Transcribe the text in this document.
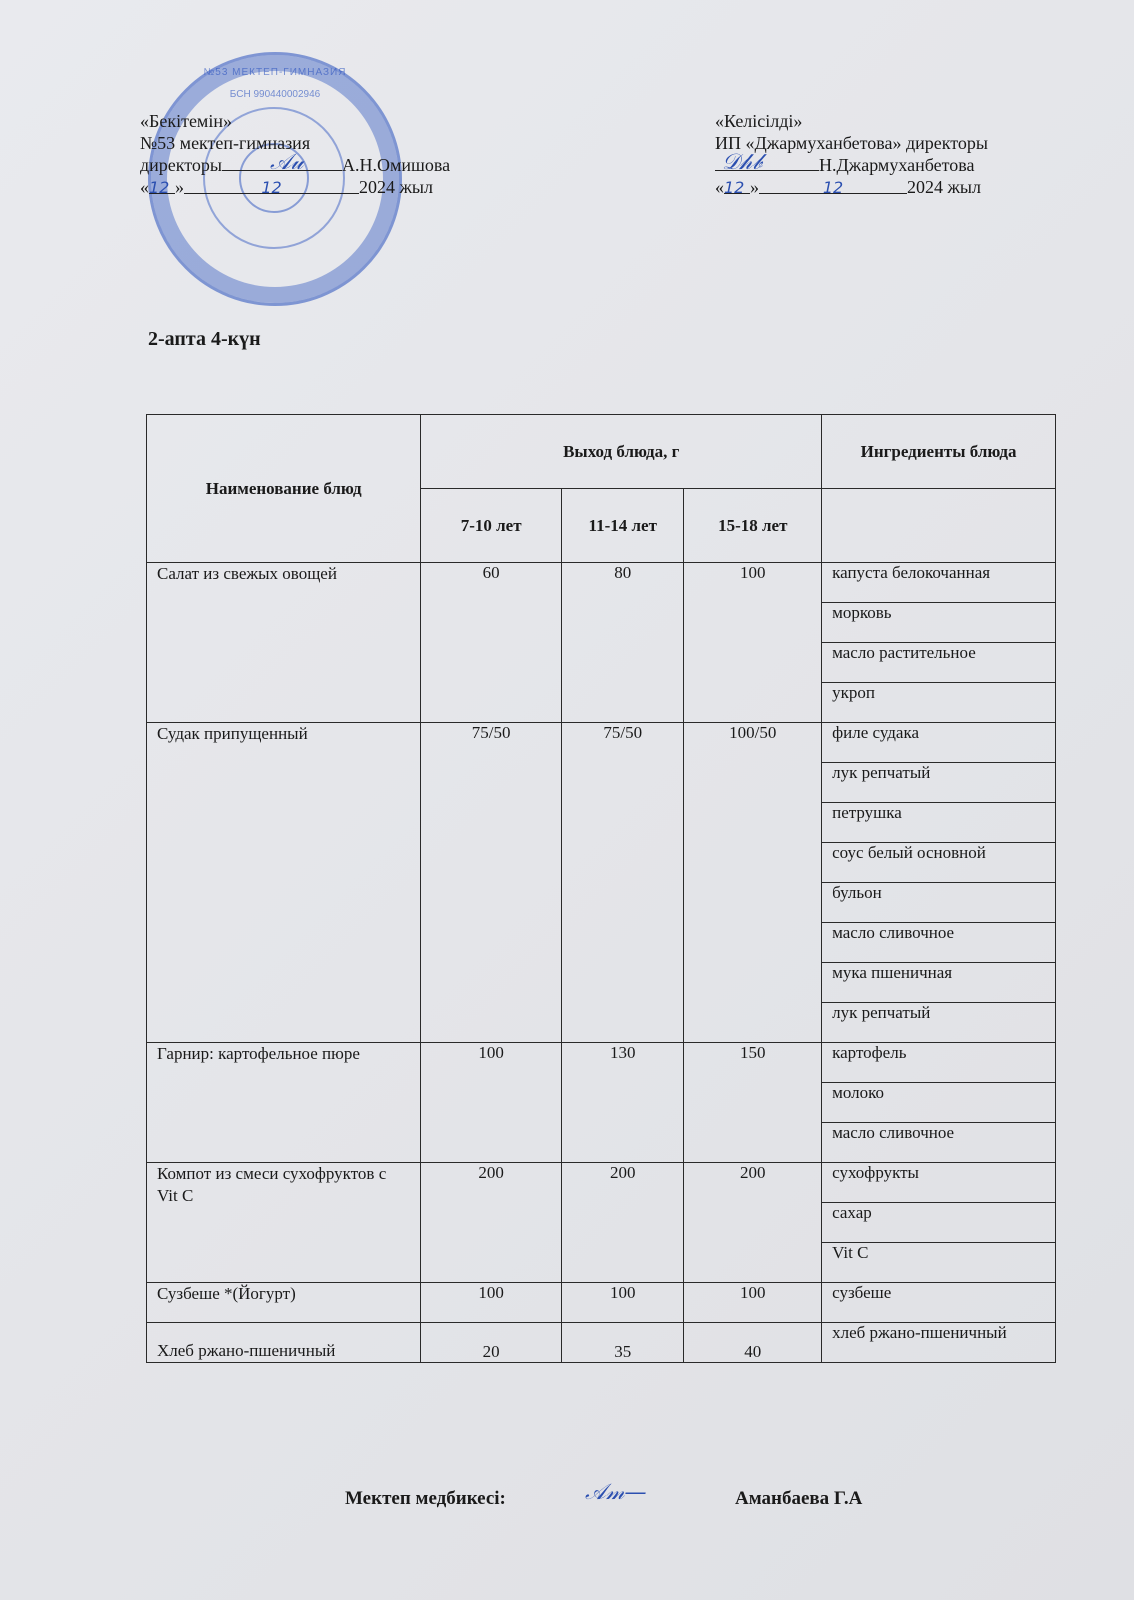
№53 МЕКТЕП-ГИМНАЗИЯ
БСН 990440002946
«Бекітемін»
№53 мектеп-гимназия
директоры	А.Н.Омишова
«12 »	12	2024 жыл
𝒜𝓊
«Келісілді»
ИП «Джармуханбетова» директоры
Н.Джармуханбетова
«12 »	12	2024 жыл
𝒟𝒽𝒷
2-апта 4-күн
Наименование блюд	Выход блюда, г			Ингредиенты блюда
	7-10 лет	11-14 лет	15-18 лет	
Салат из свежых овощей	60	80	100	капуста белокочанная
				морковь
				масло растительное
				укроп
Судак припущенный	75/50	75/50	100/50	филе судака
				лук репчатый
				петрушка
				соус белый основной
				бульон
				масло сливочное
				мука пшеничная
				лук репчатый
Гарнир: картофельное пюре	100	130	150	картофель
				молоко
				масло сливочное
Компот из смеси сухофруктов с Vit C	200	200	200	сухофрукты
				сахар
				Vit C
Сузбеше *(Йогурт)	100	100	100	сузбеше
Хлеб ржано-пшеничный	20	35	40	хлеб ржано-пшеничный
Мектеп медбикесі:	𝒜𝓂—	Аманбаева Г.А
